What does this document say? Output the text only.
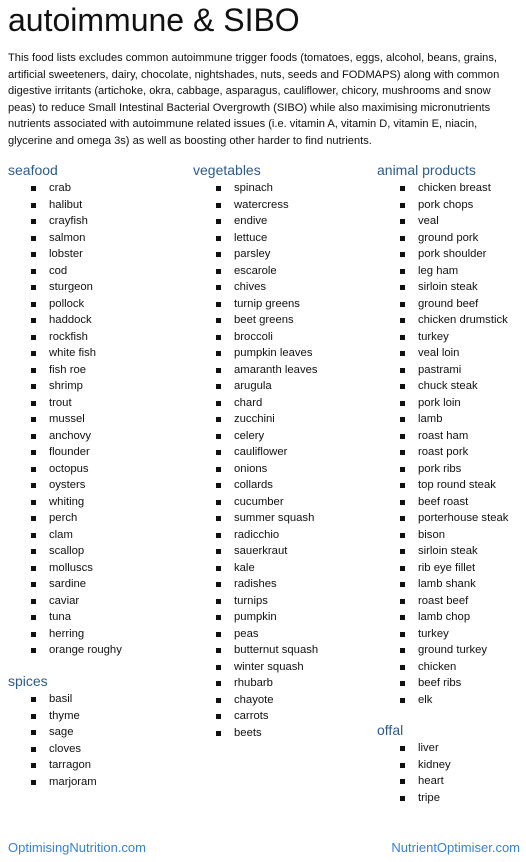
autoimmune & SIBO
This food lists excludes common autoimmune trigger foods (tomatoes, eggs, alcohol, beans, grains, artificial sweeteners, dairy, chocolate, nightshades, nuts, seeds and FODMAPS) along with common digestive irritants (artichoke, okra, cabbage, asparagus, cauliflower, chicory, mushrooms and snow peas) to reduce Small Intestinal Bacterial Overgrowth (SIBO) while also maximising micronutrients nutrients associated with autoimmune related issues (i.e. vitamin A, vitamin D, vitamin E, niacin, glycerine and omega 3s) as well as boosting other harder to find nutrients.
seafood
crab
halibut
crayfish
salmon
lobster
cod
sturgeon
pollock
haddock
rockfish
white fish
fish roe
shrimp
trout
mussel
anchovy
flounder
octopus
oysters
whiting
perch
clam
scallop
molluscs
sardine
caviar
tuna
herring
orange roughy
spices
basil
thyme
sage
cloves
tarragon
marjoram
vegetables
spinach
watercress
endive
lettuce
parsley
escarole
chives
turnip greens
beet greens
broccoli
pumpkin leaves
amaranth leaves
arugula
chard
zucchini
celery
cauliflower
onions
collards
cucumber
summer squash
radicchio
sauerkraut
kale
radishes
turnips
pumpkin
peas
butternut squash
winter squash
rhubarb
chayote
carrots
beets
animal products
chicken breast
pork chops
veal
ground pork
pork shoulder
leg ham
sirloin steak
ground beef
chicken drumstick
turkey
veal loin
pastrami
chuck steak
pork loin
lamb
roast ham
roast pork
pork ribs
top round steak
beef roast
porterhouse steak
bison
sirloin steak
rib eye fillet
lamb shank
roast beef
lamb chop
turkey
ground turkey
chicken
beef ribs
elk
offal
liver
kidney
heart
tripe
OptimisingNutrition.com	NutrientOptimiser.com
